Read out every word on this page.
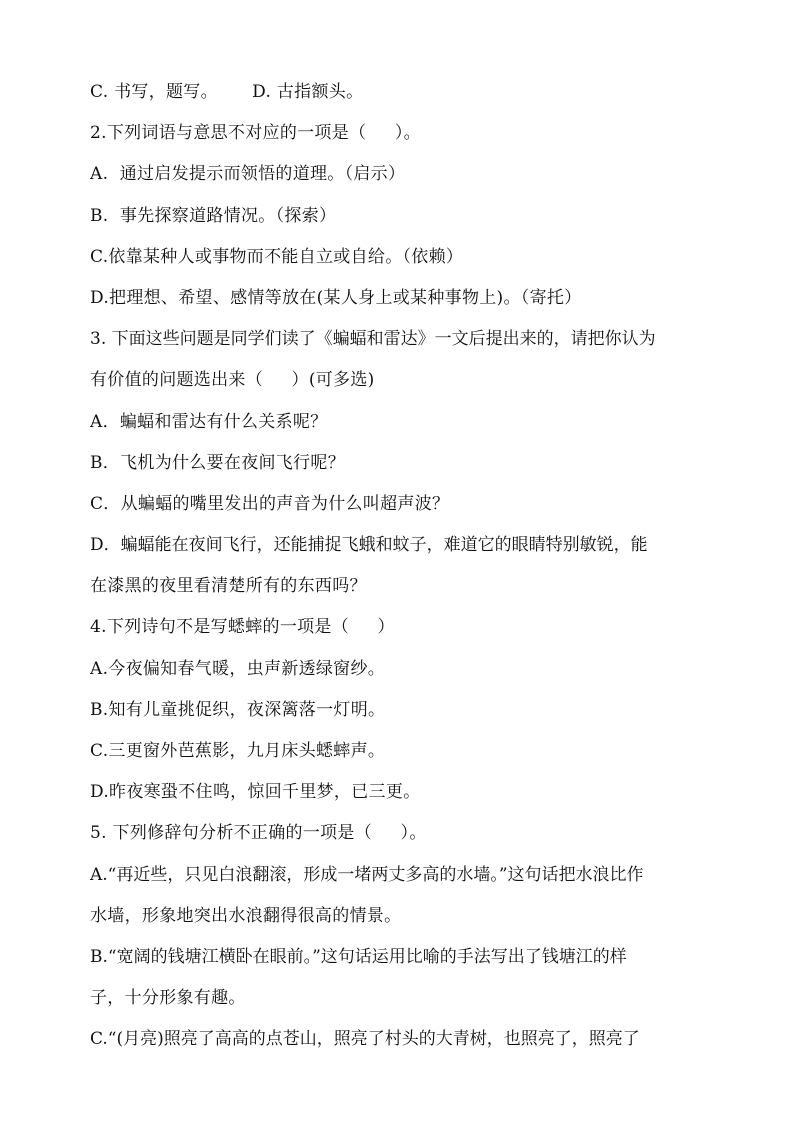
C. 书写，题写。      D. 古指额头。
2.下列词语与意思不对应的一项是（     ）。
A.  通过启发提示而领悟的道理。（启示）
B.  事先探察道路情况。（探索）
C.依靠某种人或事物而不能自立或自给。（依赖）
D.把理想、希望、感情等放在(某人身上或某种事物上)。（寄托）
3. 下面这些问题是同学们读了《蝙蝠和雷达》一文后提出来的，请把你认为
有价值的问题选出来（     ）(可多选)
A．蝙蝠和雷达有什么关系呢？
B．飞机为什么要在夜间飞行呢？
C．从蝙蝠的嘴里发出的声音为什么叫超声波？
D．蝙蝠能在夜间飞行，还能捕捉飞蛾和蚊子，难道它的眼睛特别敏锐，能
在漆黑的夜里看清楚所有的东西吗？
4.下列诗句不是写蟋蟀的一项是（     ）
A.今夜偏知春气暖，虫声新透绿窗纱。
B.知有儿童挑促织，夜深篱落一灯明。
C.三更窗外芭蕉影，九月床头蟋蟀声。
D.昨夜寒蛩不住鸣，惊回千里梦，已三更。
5. 下列修辞句分析不正确的一项是（     ）。
A.“再近些，只见白浪翻滚，形成一堵两丈多高的水墙。”这句话把水浪比作
水墙，形象地突出水浪翻得很高的情景。
B.“宽阔的钱塘江横卧在眼前。”这句话运用比喻的手法写出了钱塘江的样
子，十分形象有趣。
C.“(月亮)照亮了高高的点苍山，照亮了村头的大青树，也照亮了，照亮了
